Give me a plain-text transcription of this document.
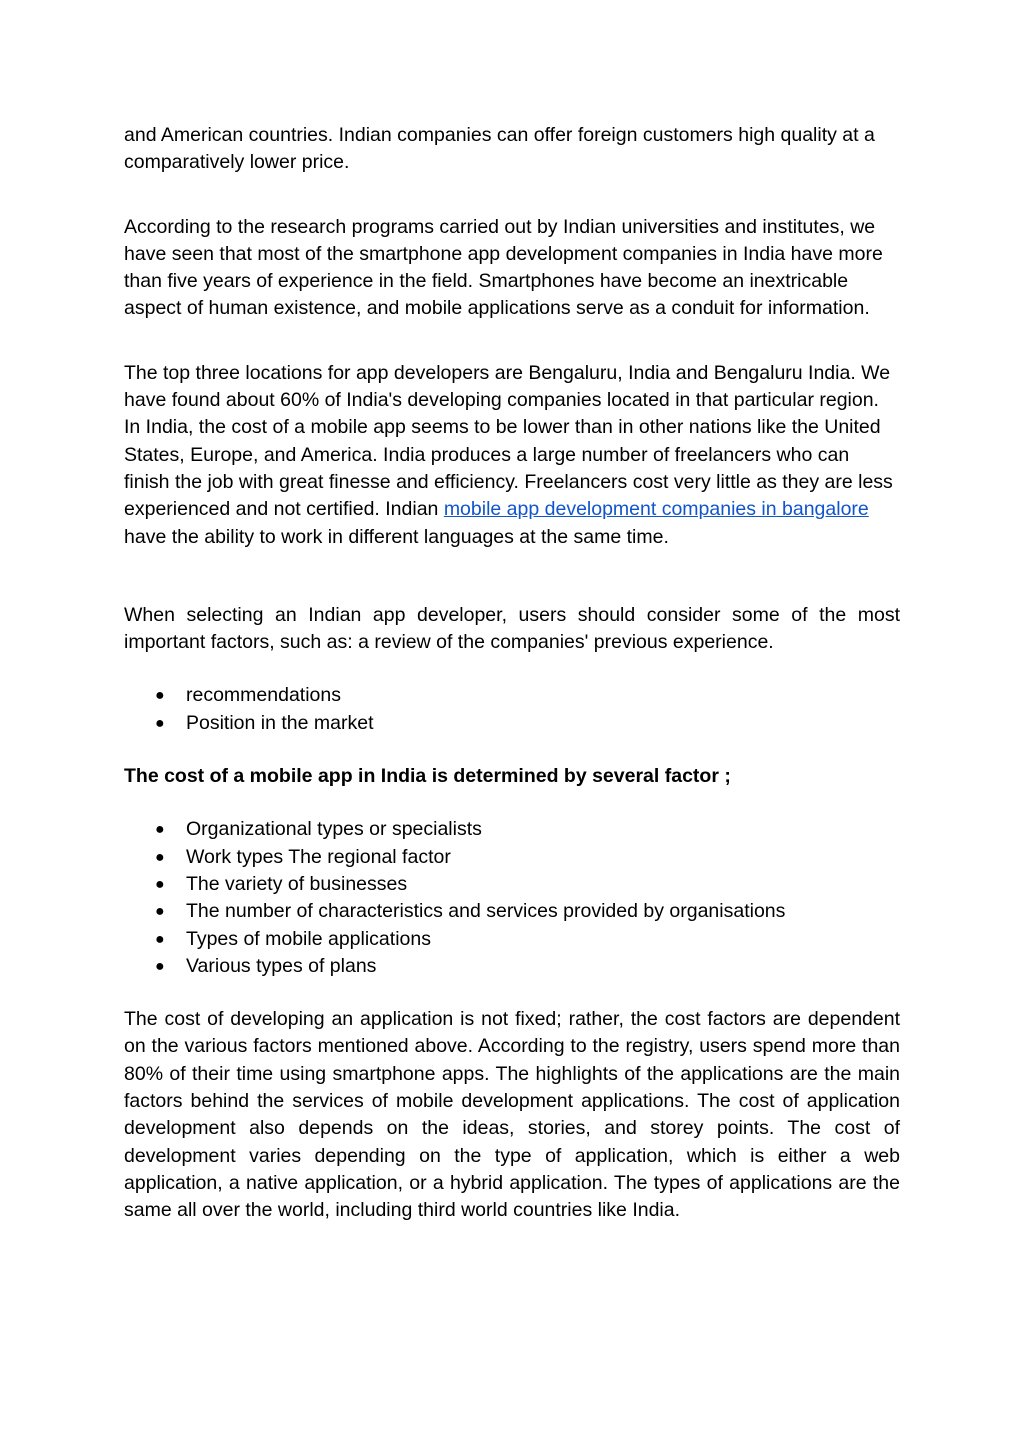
and American countries. Indian companies can offer foreign customers high quality at a comparatively lower price.

According to the research programs carried out by Indian universities and institutes, we have seen that most of the smartphone app development companies in India have more than five years of experience in the field. Smartphones have become an inextricable aspect of human existence, and mobile applications serve as a conduit for information.

The top three locations for app developers are Bengaluru, India and Bengaluru India. We have found about 60% of India's developing companies located in that particular region. In India, the cost of a mobile app seems to be lower than in other nations like the United States, Europe, and America. India produces a large number of freelancers who can finish the job with great finesse and efficiency. Freelancers cost very little as they are less experienced and not certified. Indian mobile app development companies in bangalore have the ability to work in different languages at the same time.

When selecting an Indian app developer, users should consider some of the most important factors, such as: a review of the companies' previous experience.

● recommendations
● Position in the market

The cost of a mobile app in India is determined by several factor ;

● Organizational types or specialists
● Work types The regional factor
● The variety of businesses
● The number of characteristics and services provided by organisations
● Types of mobile applications
● Various types of plans

The cost of developing an application is not fixed; rather, the cost factors are dependent on the various factors mentioned above. According to the registry, users spend more than 80% of their time using smartphone apps. The highlights of the applications are the main factors behind the services of mobile development applications. The cost of application development also depends on the ideas, stories, and storey points. The cost of development varies depending on the type of application, which is either a web application, a native application, or a hybrid application. The types of applications are the same all over the world, including third world countries like India.
